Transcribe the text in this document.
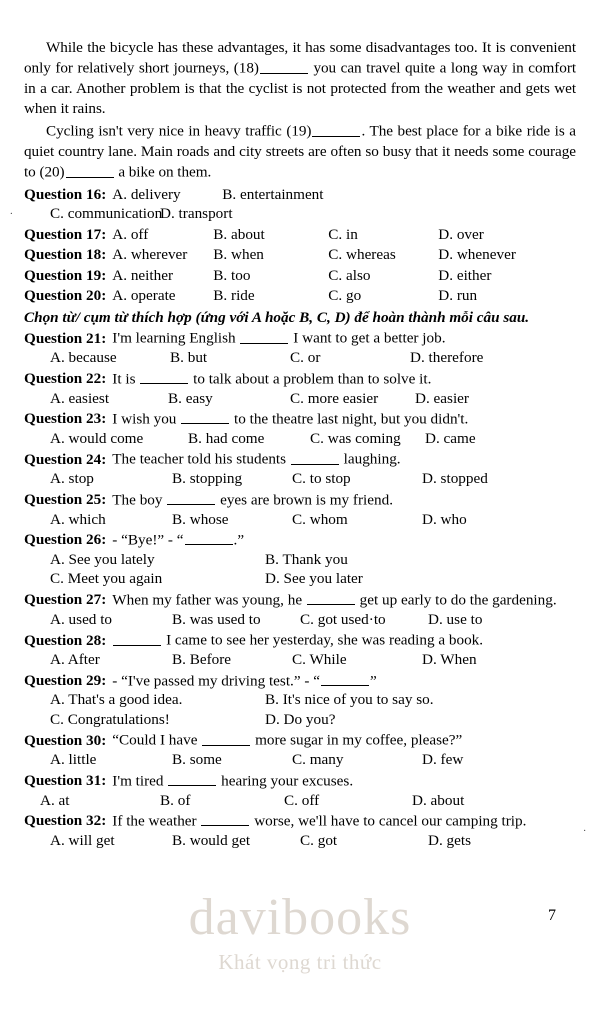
.
.

While the bicycle has these advantages, it has some disadvantages too. It is convenient only for relatively short journeys, (18)	you can travel quite a long way in comfort in a car. Another problem is that the cyclist is not protected from the weather and gets wet when it rains.

Cycling isn't very nice in heavy traffic (19)	. The best place for a bike ride is a quiet country lane. Main roads and city streets are often so busy that it needs some courage to (20)	a bike on them.

Question 16: A. delivery	B. entertainment
C. communication
D. transport
Question 17: A. off	B. about	C. in	D. over
Question 18: A. wherever	B. when	C. whereas	D. whenever
Question 19: A. neither	B. too	C. also	D. either
Question 20: A. operate	B. ride	C. go	D. run
Chọn từ/ cụm từ thích hợp (ứng với A hoặc B, C, D) để hoàn thành mỗi câu sau.
Question 21: I'm learning English	I want to get a better job.
A. because	B. but	C. or	D. therefore
Question 22: It is	to talk about a problem than to solve it.
A. easiest	B. easy	C. more easier	D. easier
Question 23: I wish you	to the theatre last night, but you didn't.
A. would come	B. had come	C. was coming	D. came
Question 24: The teacher told his students	laughing.
A. stop	B. stopping	C. to stop	D. stopped
Question 25: The boy	eyes are brown is my friend.
A. which	B. whose	C. whom	D. who
Question 26: - “Bye!” - “	.”
A. See you lately	B. Thank you
C. Meet you again	D. See you later
Question 27: When my father was young, he	get up early to do the gardening.
A. used to	B. was used to	C. got used·to	D. use to
Question 28:	I came to see her yesterday, she was reading a book.
A. After	B. Before	C. While	D. When
Question 29: - “I've passed my driving test.” - “	”
A. That's a good idea.	B. It's nice of you to say so.
C. Congratulations!	D. Do you?
Question 30: “Could I have	more sugar in my coffee, please?”
A. little	B. some	C. many	D. few
Question 31: I'm tired	hearing your excuses.
A. at	B. of	C. off	D. about
Question 32: If the weather	worse, we'll have to cancel our camping trip.
A. will get	B. would get	C. got	D. gets
7
davibooks
Khát vọng tri thức
